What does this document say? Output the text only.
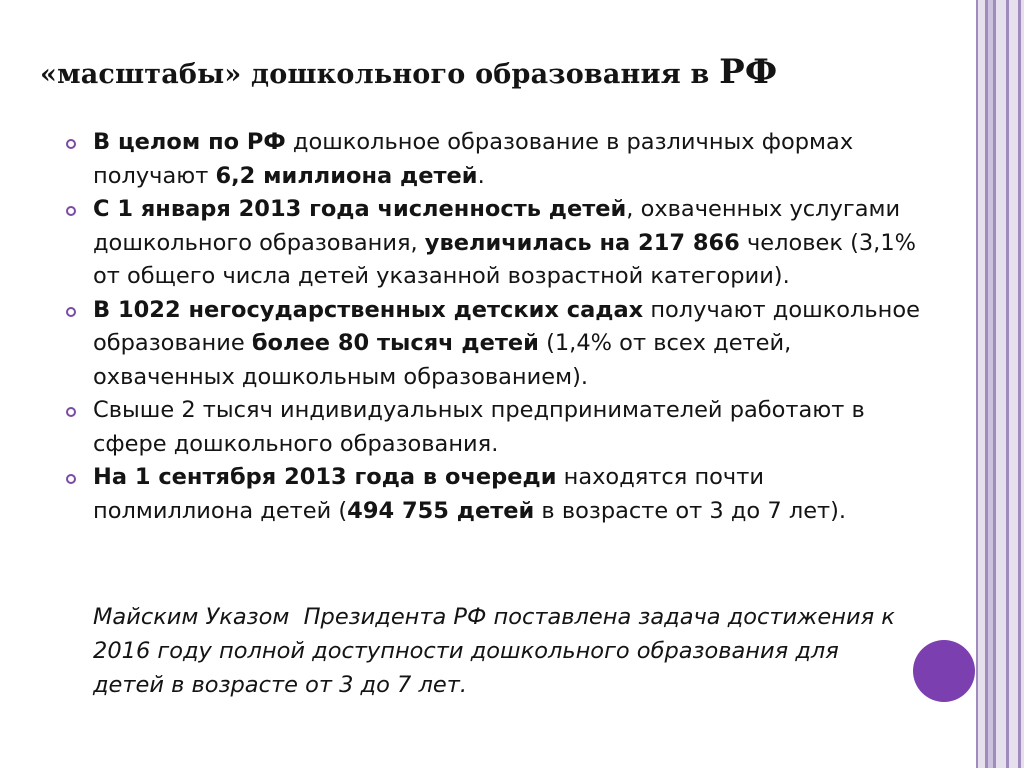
«масштабы» дошкольного образования в РФ
В целом по РФ дошкольное образование в различных формах получают 6,2 миллиона детей.
С 1 января 2013 года численность детей, охваченных услугами дошкольного образования, увеличилась на 217 866 человек (3,1% от общего числа детей указанной возрастной категории).
В 1022 негосударственных детских садах получают дошкольное образование более 80 тысяч детей (1,4% от всех детей, охваченных дошкольным образованием).
Свыше 2 тысяч индивидуальных предпринимателей работают в сфере дошкольного образования.
На 1 сентября 2013 года в очереди находятся почти полмиллиона детей (494 755 детей в возрасте от 3 до 7 лет).

Майским Указом  Президента РФ поставлена задача достижения к 2016 году полной доступности дошкольного образования для детей в возрасте от 3 до 7 лет.
